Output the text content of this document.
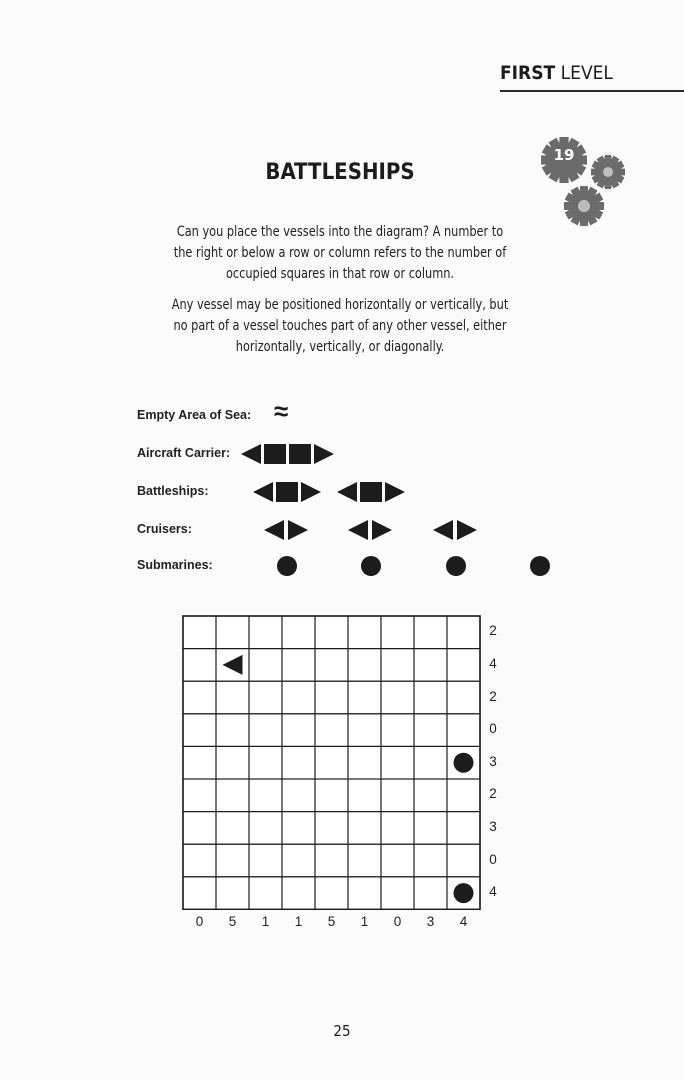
FIRST LEVEL
19
BATTLESHIPS

Can you place the vessels into the diagram? A number to the right or below a row or column refers to the number of occupied squares in that row or column.

Any vessel may be positioned horizontally or vertically, but no part of a vessel touches part of any other vessel, either horizontally, vertically, or diagonally.

Empty Area of Sea: ≈
Aircraft Carrier:
Battleships:
Cruisers:
Submarines:
2
4
2
0
3
2
3
0
4
0	5	1	1	5	1	0	3	4
25
